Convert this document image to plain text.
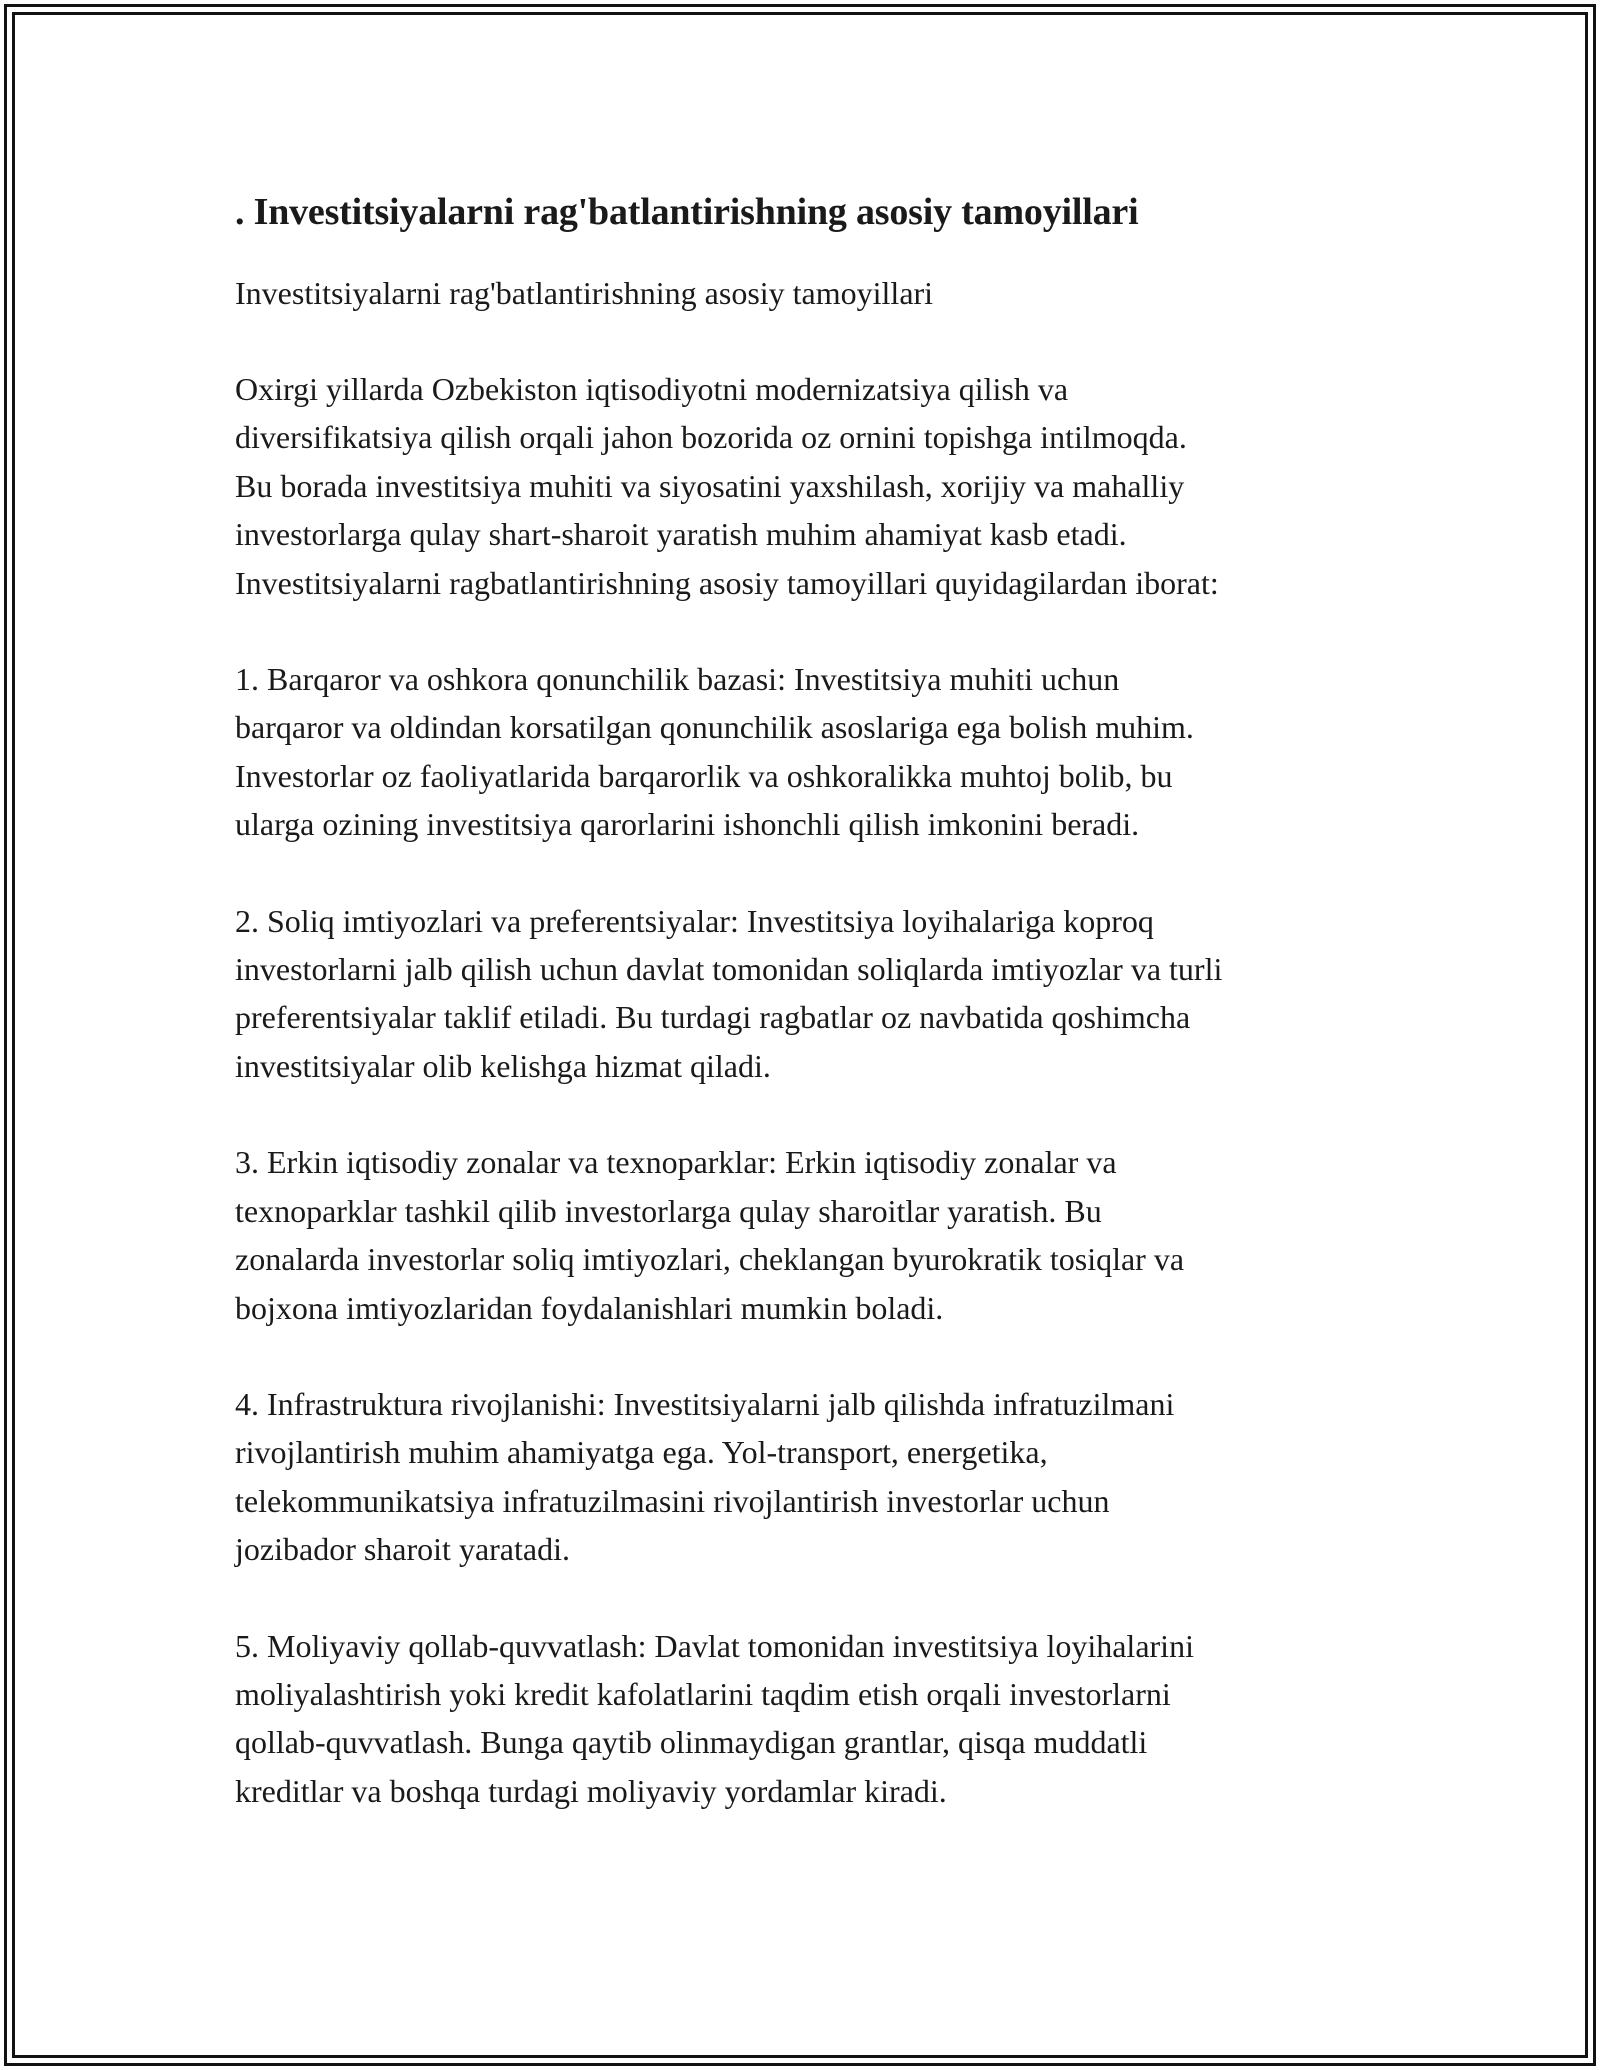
. Investitsiyalarni rag'batlantirishning asosiy tamoyillari

Investitsiyalarni rag'batlantirishning asosiy tamoyillari

Oxirgi yillarda Ozbekiston iqtisodiyotni modernizatsiya qilish va
diversifikatsiya qilish orqali jahon bozorida oz ornini topishga intilmoqda.
Bu borada investitsiya muhiti va siyosatini yaxshilash, xorijiy va mahalliy
investorlarga qulay shart-sharoit yaratish muhim ahamiyat kasb etadi.
Investitsiyalarni ragbatlantirishning asosiy tamoyillari quyidagilardan iborat:

1. Barqaror va oshkora qonunchilik bazasi: Investitsiya muhiti uchun
barqaror va oldindan korsatilgan qonunchilik asoslariga ega bolish muhim.
Investorlar oz faoliyatlarida barqarorlik va oshkoralikka muhtoj bolib, bu
ularga ozining investitsiya qarorlarini ishonchli qilish imkonini beradi.

2. Soliq imtiyozlari va preferentsiyalar: Investitsiya loyihalariga koproq
investorlarni jalb qilish uchun davlat tomonidan soliqlarda imtiyozlar va turli
preferentsiyalar taklif etiladi. Bu turdagi ragbatlar oz navbatida qoshimcha
investitsiyalar olib kelishga hizmat qiladi.

3. Erkin iqtisodiy zonalar va texnoparklar: Erkin iqtisodiy zonalar va
texnoparklar tashkil qilib investorlarga qulay sharoitlar yaratish. Bu
zonalarda investorlar soliq imtiyozlari, cheklangan byurokratik tosiqlar va
bojxona imtiyozlaridan foydalanishlari mumkin boladi.

4. Infrastruktura rivojlanishi: Investitsiyalarni jalb qilishda infratuzilmani
rivojlantirish muhim ahamiyatga ega. Yol-transport, energetika,
telekommunikatsiya infratuzilmasini rivojlantirish investorlar uchun
jozibador sharoit yaratadi.

5. Moliyaviy qollab-quvvatlash: Davlat tomonidan investitsiya loyihalarini
moliyalashtirish yoki kredit kafolatlarini taqdim etish orqali investorlarni
qollab-quvvatlash. Bunga qaytib olinmaydigan grantlar, qisqa muddatli
kreditlar va boshqa turdagi moliyaviy yordamlar kiradi.
